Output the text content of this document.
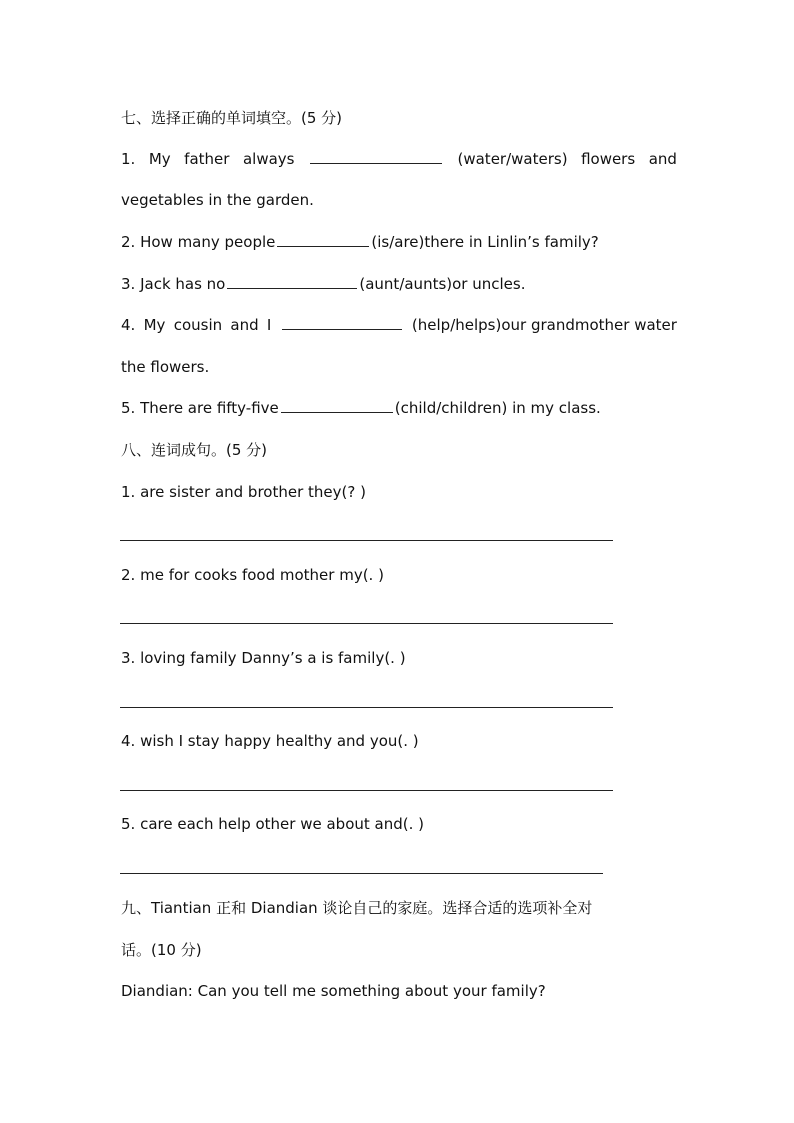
七、选择正确的单词填空。(5 分)
1. My father always	(water/waters) flowers and
vegetables in the garden.
2. How many people	(is/are)there in Linlin’s family?
3. Jack has no	(aunt/aunts)or uncles.
4. My cousin and I	(help/helps)our grandmother water
the flowers.
5. There are fifty-five	(child/children) in my class.
八、连词成句。(5 分)
1. are sister and brother they(? )
2. me for cooks food mother my(. )
3. loving family Danny’s a is family(. )
4. wish I stay happy healthy and you(. )
5. care each help other we about and(. )
九、Tiantian 正和 Diandian 谈论自己的家庭。选择合适的选项补全对
话。(10 分)
Diandian: Can you tell me something about your family?
